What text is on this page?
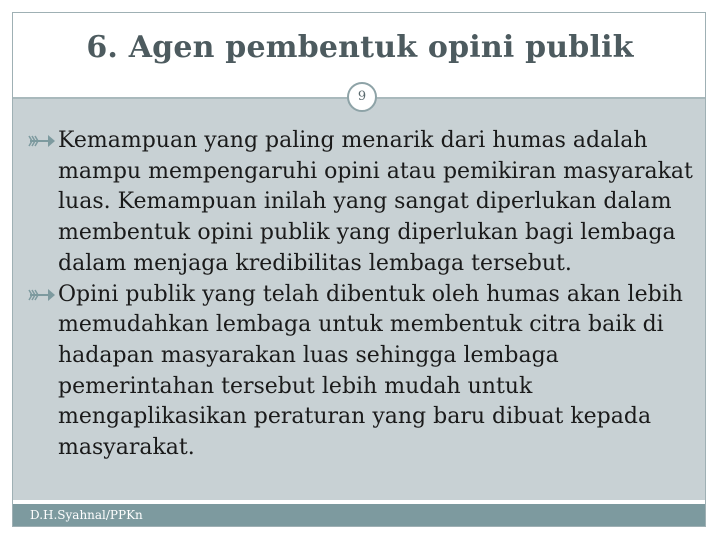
6. Agen pembentuk opini publik
9
Kemampuan yang paling menarik dari humas adalah mampu mempengaruhi opini atau pemikiran masyarakat luas. Kemampuan inilah yang sangat diperlukan dalam membentuk opini publik yang diperlukan bagi lembaga dalam menjaga kredibilitas lembaga tersebut.
Opini publik yang telah dibentuk oleh humas akan lebih memudahkan lembaga untuk membentuk citra baik di hadapan masyarakan luas sehingga lembaga pemerintahan tersebut lebih mudah untuk mengaplikasikan peraturan yang baru dibuat kepada masyarakat.
D.H.Syahnal/PPKn
